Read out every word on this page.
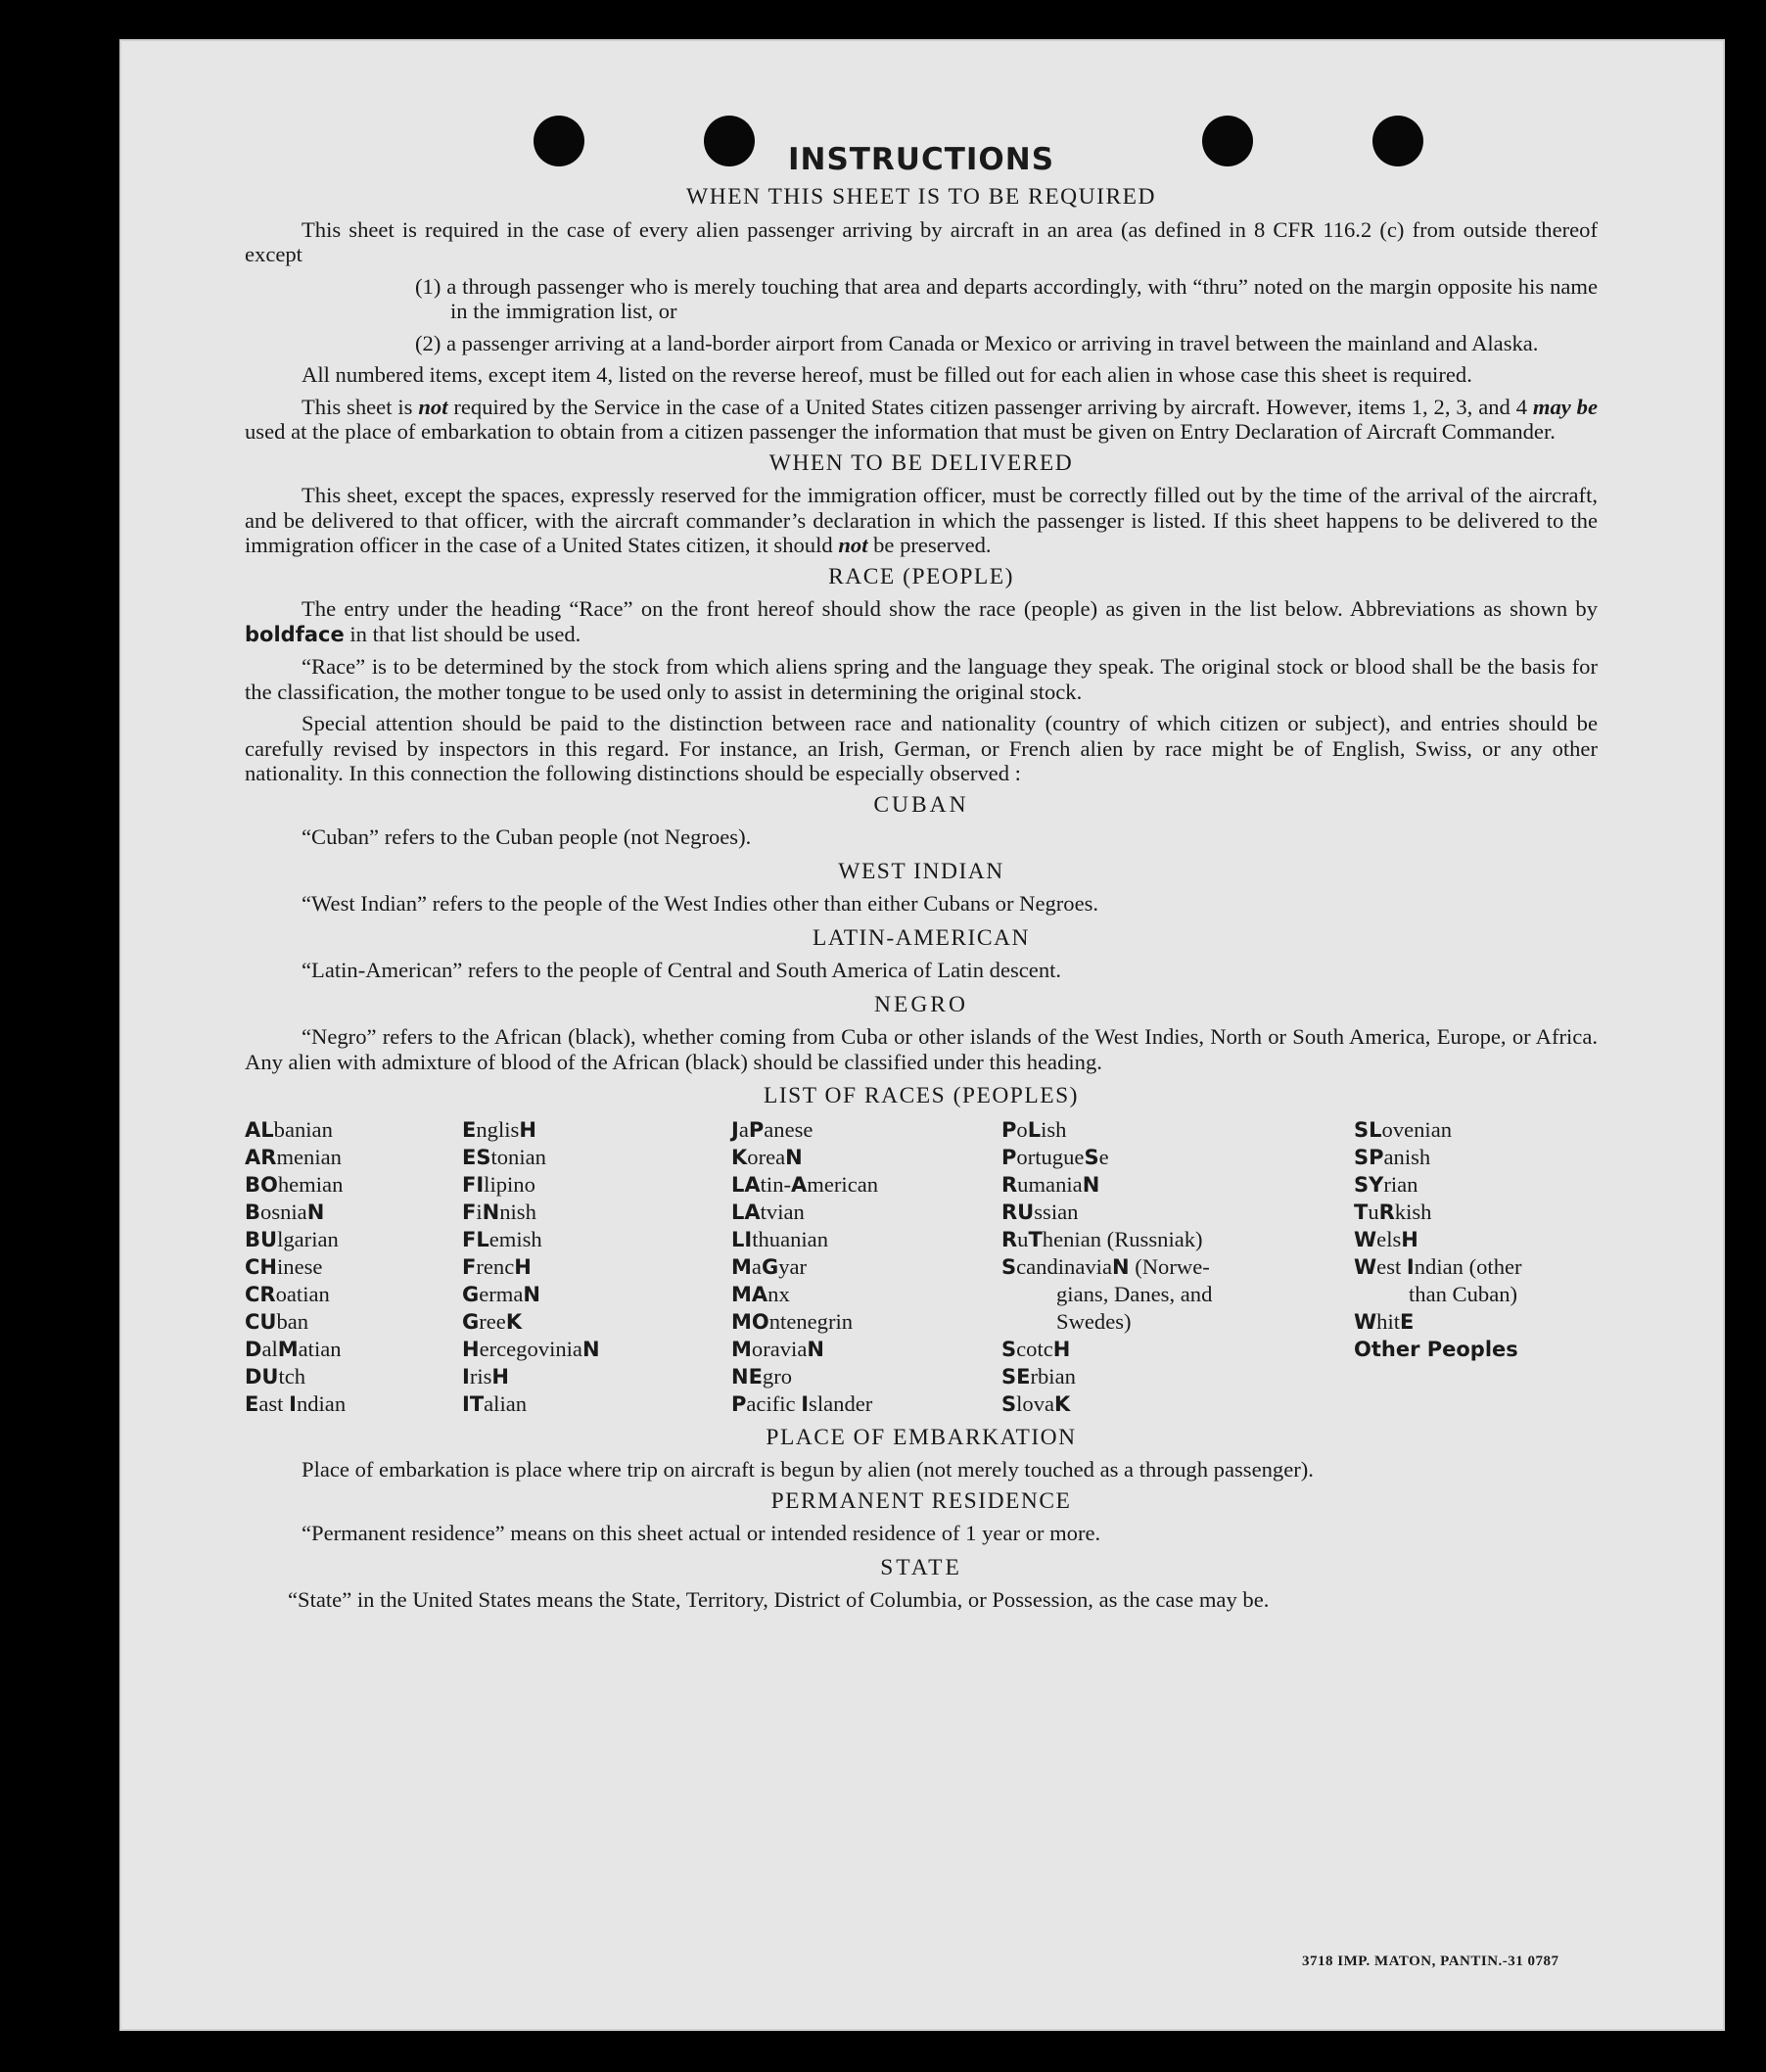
INSTRUCTIONS
WHEN THIS SHEET IS TO BE REQUIRED

This sheet is required in the case of every alien passenger arriving by aircraft in an area (as defined in 8 CFR 116.2 (c) from outside thereof except

(1) a through passenger who is merely touching that area and departs accordingly, with “thru” noted on the margin opposite his name in the immigration list, or

(2) a passenger arriving at a land-border airport from Canada or Mexico or arriving in travel between the mainland and Alaska.

All numbered items, except item 4, listed on the reverse hereof, must be filled out for each alien in whose case this sheet is required.

This sheet is not required by the Service in the case of a United States citizen passenger arriving by aircraft. However, items 1, 2, 3, and 4 may be used at the place of embarkation to obtain from a citizen passenger the information that must be given on Entry Declaration of Aircraft Commander.

WHEN TO BE DELIVERED

This sheet, except the spaces, expressly reserved for the immigration officer, must be correctly filled out by the time of the arrival of the aircraft, and be delivered to that officer, with the aircraft commander’s declaration in which the passenger is listed. If this sheet happens to be delivered to the immigration officer in the case of a United States citizen, it should not be preserved.

RACE (PEOPLE)

The entry under the heading “Race” on the front hereof should show the race (people) as given in the list below. Abbreviations as shown by boldface in that list should be used.

“Race” is to be determined by the stock from which aliens spring and the language they speak. The original stock or blood shall be the basis for the classification, the mother tongue to be used only to assist in determining the original stock.

Special attention should be paid to the distinction between race and nationality (country of which citizen or subject), and entries should be carefully revised by inspectors in this regard. For instance, an Irish, German, or French alien by race might be of English, Swiss, or any other nationality. In this connection the following distinctions should be especially observed :

CUBAN

“Cuban” refers to the Cuban people (not Negroes).

WEST INDIAN

“West Indian” refers to the people of the West Indies other than either Cubans or Negroes.

LATIN-AMERICAN

“Latin-American” refers to the people of Central and South America of Latin descent.

NEGRO

“Negro” refers to the African (black), whether coming from Cuba or other islands of the West Indies, North or South America, Europe, or Africa. Any alien with admixture of blood of the African (black) should be classified under this heading.

LIST OF RACES (PEOPLES)
ALbanian
ARmenian
BOhemian
BosniaN
BUlgarian
CHinese
CRoatian
CUban
DalMatian
DUtch
East Indian
EnglisH
EStonian
FIlipino
FiNnish
FLemish
FrencH
GermaN
GreeK
HercegoviniaN
IrisH
ITalian
JaPanese
KoreaN
LAtin-American
LAtvian
LIthuanian
MaGyar
MAnx
MOntenegrin
MoraviaN
NEgro
Pacific Islander
PoLish
PortugueSe
RumaniaN
RUssian
RuThenian (Russniak)
ScandinaviaN (Norwe-
gians, Danes, and
Swedes)
ScotcH
SErbian
SlovaK
SLovenian
SPanish
SYrian
TuRkish
WelsH
West Indian (other
than Cuban)
WhitE
Other Peoples
PLACE OF EMBARKATION

Place of embarkation is place where trip on aircraft is begun by alien (not merely touched as a through passenger).

PERMANENT RESIDENCE

“Permanent residence” means on this sheet actual or intended residence of 1 year or more.

STATE

“State” in the United States means the State, Territory, District of Columbia, or Possession, as the case may be.

3718 IMP. MATON, PANTIN.-31 0787
